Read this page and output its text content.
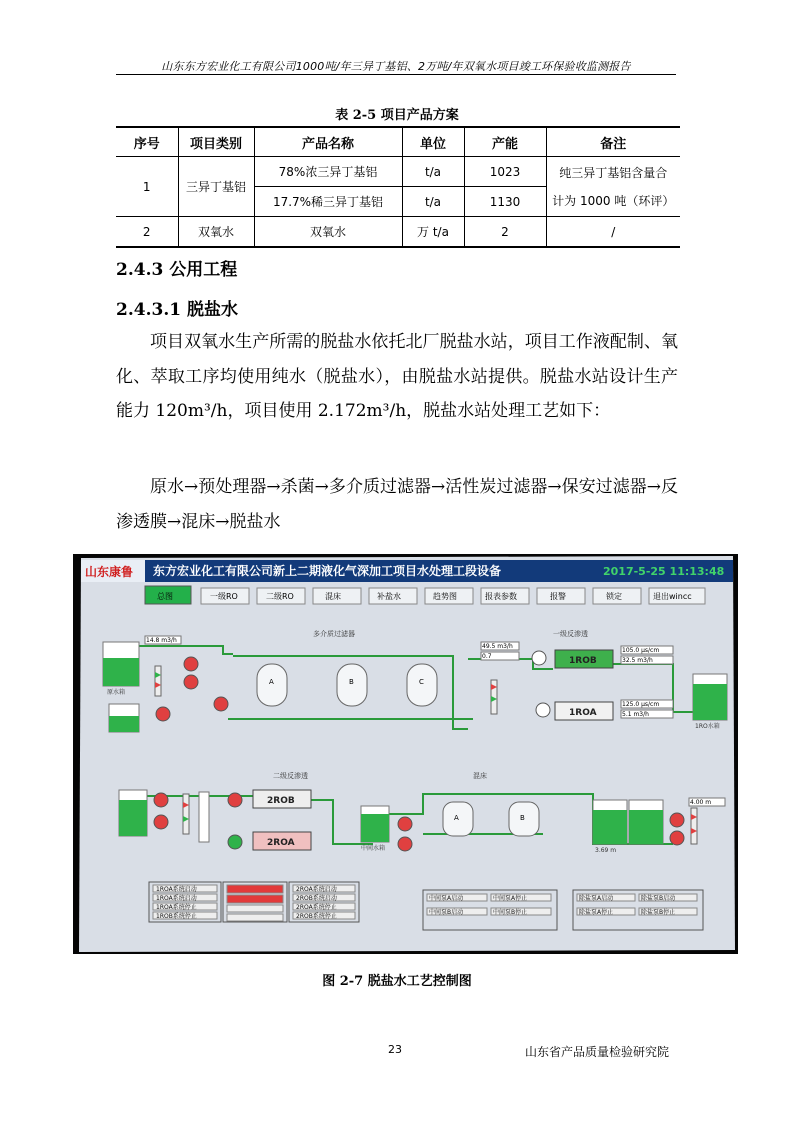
山东东方宏业化工有限公司1000吨/年三异丁基铝、2万吨/年双氧水项目竣工环保验收监测报告
表 2-5 项目产品方案
序号	项目类别	产品名称	单位	产能	备注
1	三异丁基铝	78%浓三异丁基铝	t/a	1023	纯三异丁基铝含量合
计为 1000 吨（环评）

		17.7%稀三异丁基铝	t/a	1130	
2	双氧水	双氧水	万 t/a	2	/
2.4.3 公用工程
2.4.3.1 脱盐水
项目双氧水生产所需的脱盐水依托北厂脱盐水站，项目工作液配制、氧化、萃取工序均使用纯水（脱盐水），由脱盐水站提供。脱盐水站设计生产能力 120m³/h，项目使用 2.172m³/h，脱盐水站处理工艺如下：
原水→预处理器→杀菌→多介质过滤器→活性炭过滤器→保安过滤器→反渗透膜→混床→脱盐水
山东康鲁 东方宏业化工有限公司新上二期液化气深加工项目水处理工段设备	2017-5-25 11:13:48
总图	一级RO	二级RO	混床	补盐水	趋势图	报表参数	报警	锁定	退出wincc
多介质过滤器	一级反渗透
二级反渗透	混床
原水箱
14.8 m3/h
A	B	C
49.5 m3/h
0.7	1ROB
1ROA
105.0 μs/cm
32.5 m3/h
125.0 μs/cm
5.1 m3/h
1RO水箱
2ROB
2ROA
中间水箱
A	B
3.69 m
4.00 m
1ROA系统启动
1ROA系统启动
1ROA系统停止
1ROB系统停止
2ROA系统启动
2ROB系统启动
2ROA系统停止
2ROB系统停止
中间泵A启动	中间泵A停止
中间泵B启动	中间泵B停止
除盐泵A启动	除盐泵B启动
除盐泵A停止	除盐泵B停止
图 2-7 脱盐水工艺控制图
23	山东省产品质量检验研究院
